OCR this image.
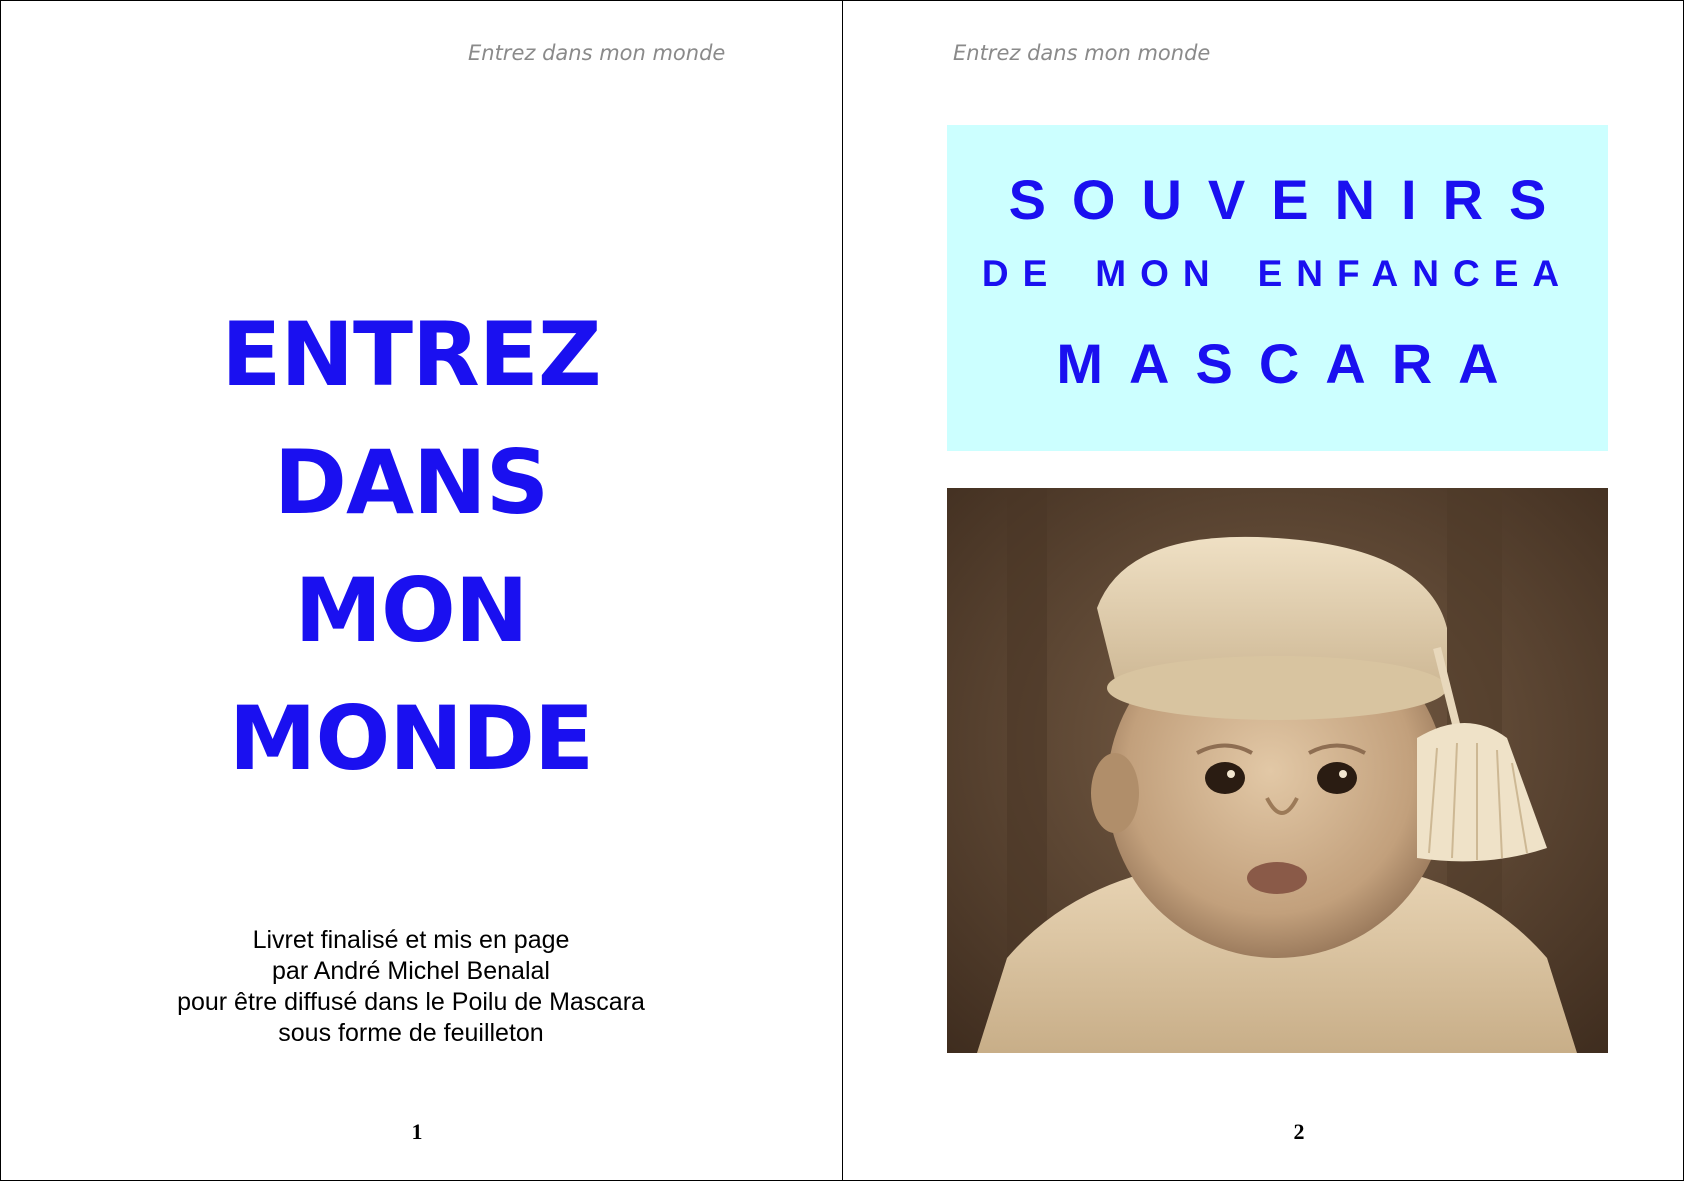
Entrez dans mon monde
ENTREZ
DANS
MON
MONDE
Livret finalisé et mis en page
par André Michel Benalal
pour être diffusé dans le Poilu de Mascara
sous forme de feuilleton
1
Entrez dans mon monde
SOUVENIRS
DE MON ENFANCEA
MASCARA
2
